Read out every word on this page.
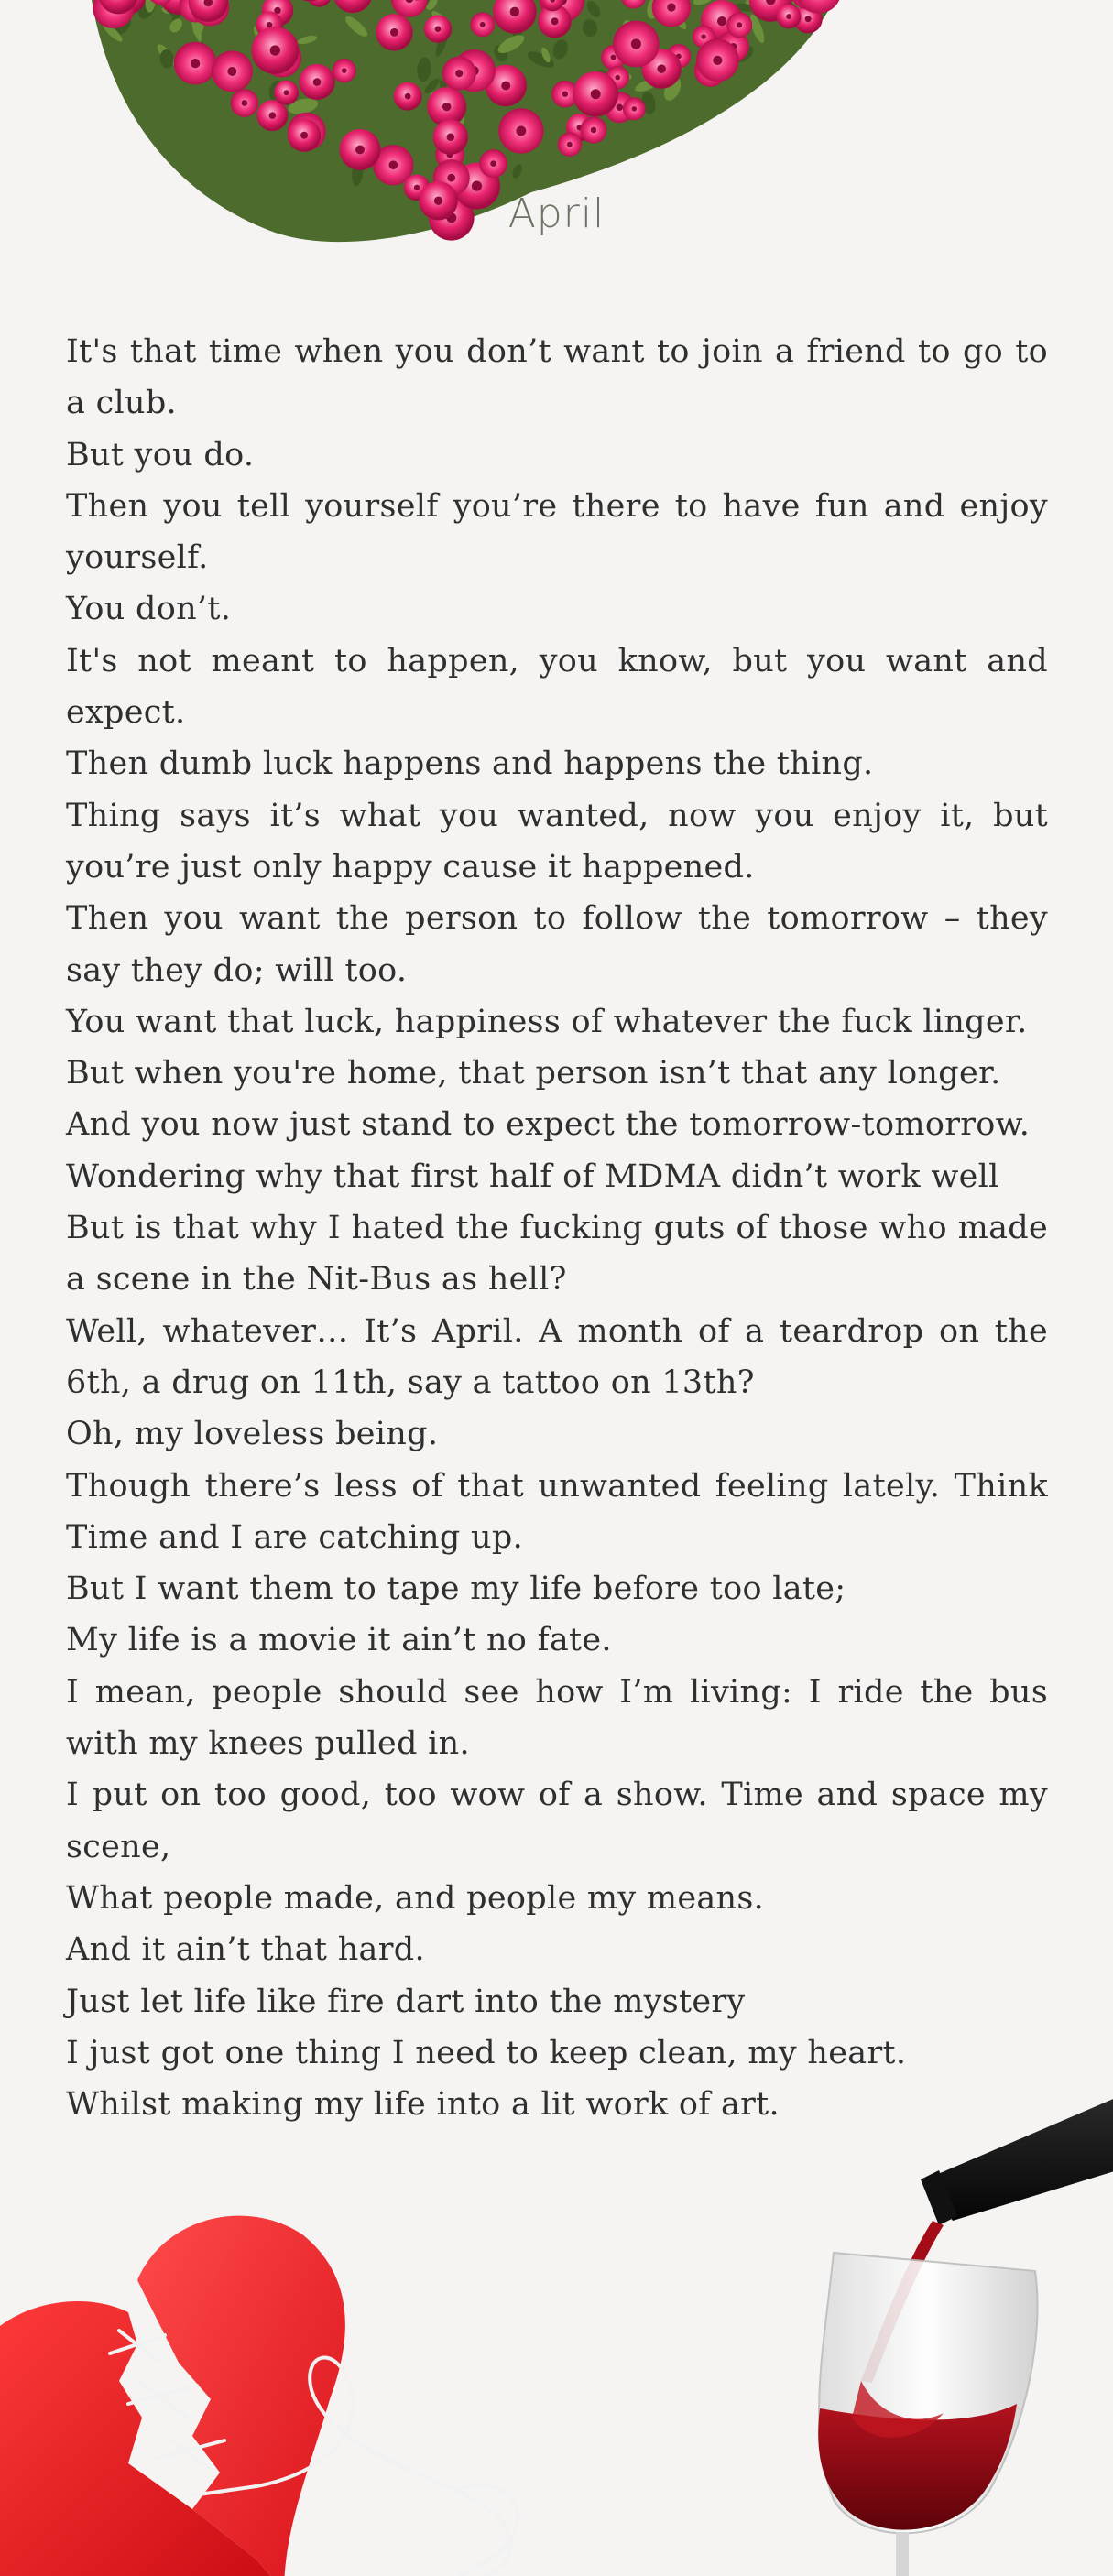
April

It's that time when you don’t want to join a friend to go to a club.

But you do.

Then you tell yourself you’re there to have fun and enjoy yourself.

You don’t.

It's not meant to happen, you know, but you want and expect.

Then dumb luck happens and happens the thing.

Thing says it’s what you wanted, now you enjoy it, but you’re just only happy cause it happened.

Then you want the person to follow the tomorrow – they say they do; will too.

You want that luck, happiness of whatever the fuck linger.

But when you're home, that person isn’t that any longer.

And you now just stand to expect the tomorrow-tomorrow.

Wondering why that first half of MDMA didn’t work well

But is that why I hated the fucking guts of those who made a scene in the Nit-Bus as hell?

Well, whatever… It’s April. A month of a teardrop on the 6th, a drug on 11th, say a tattoo on 13th?

Oh, my loveless being.

Though there’s less of that unwanted feeling lately. Think Time and I are catching up.

But I want them to tape my life before too late;

My life is a movie it ain’t no fate.

I mean, people should see how I’m living: I ride the bus with my knees pulled in.

I put on too good, too wow of a show. Time and space my scene,

What people made, and people my means.

And it ain’t that hard.

Just let life like fire dart into the mystery

I just got one thing I need to keep clean, my heart.

Whilst making my life into a lit work of art.
